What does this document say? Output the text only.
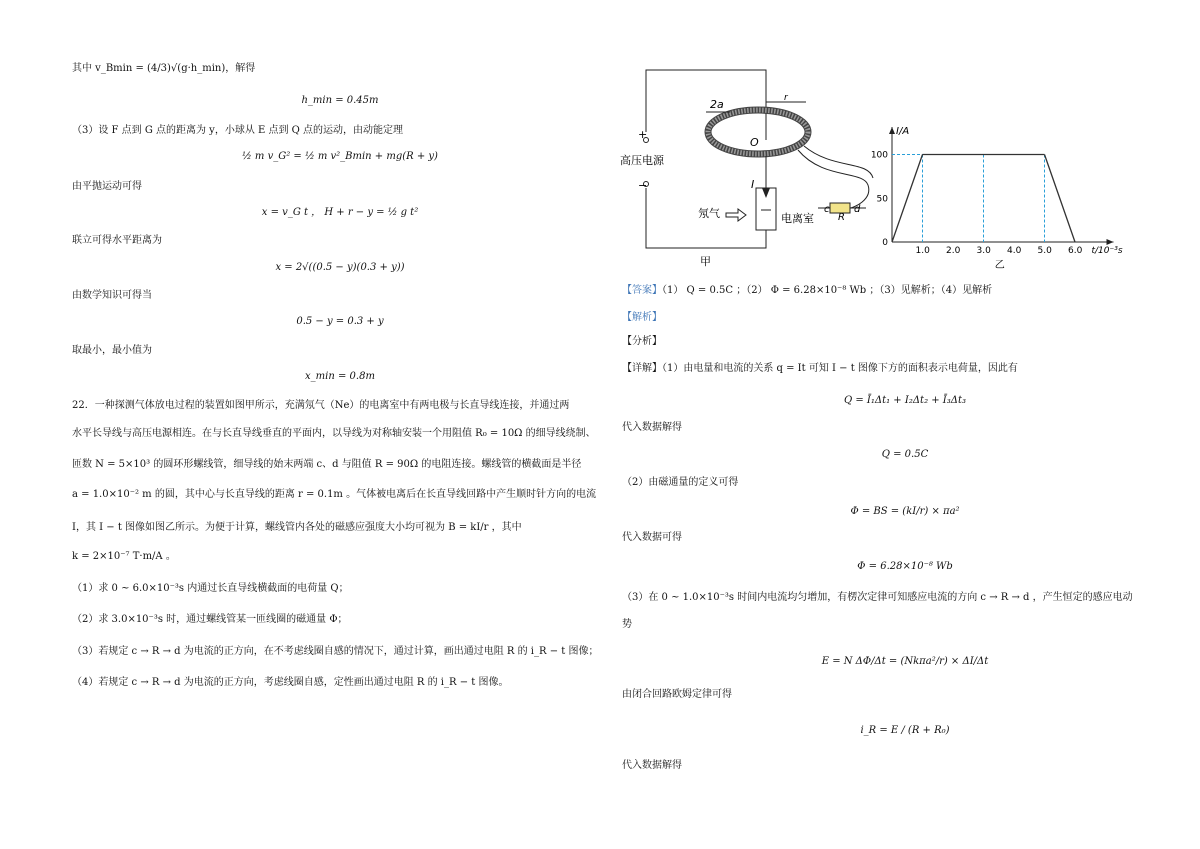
其中 v_Bmin = (4/3)√(g·h_min)，解得
h_min = 0.45m
（3）设 F 点到 G 点的距离为 y，小球从 E 点到 Q 点的运动，由动能定理
½ m v_G² = ½ m v²_Bmin + mg(R + y)
由平抛运动可得
x = v_G t ， H + r − y = ½ g t²
联立可得水平距离为
x = 2√((0.5 − y)(0.3 + y))
由数学知识可得当
0.5 − y = 0.3 + y
取最小，最小值为
x_min = 0.8m
22．一种探测气体放电过程的装置如图甲所示，充满氖气（Ne）的电离室中有两电极与长直导线连接，并通过两
水平长导线与高压电源相连。在与长直导线垂直的平面内，以导线为对称轴安装一个用阻值 R₀ = 10Ω 的细导线绕制、
匝数 N = 5×10³ 的圆环形螺线管，细导线的始末两端 c、d 与阻值 R = 90Ω 的电阻连接。螺线管的横截面是半径
a = 1.0×10⁻² m 的圆，其中心与长直导线的距离 r = 0.1m 。气体被电离后在长直导线回路中产生顺时针方向的电流
I，其 I − t 图像如图乙所示。为便于计算，螺线管内各处的磁感应强度大小均可视为 B = kI/r ，其中
k = 2×10⁻⁷ T·m/A 。
（1）求 0 ~ 6.0×10⁻³s 内通过长直导线横截面的电荷量 Q；
（2）求 3.0×10⁻³s 时，通过螺线管某一匝线圈的磁通量 Φ；
（3）若规定 c → R → d 为电流的正方向，在不考虑线圈自感的情况下，通过计算，画出通过电阻 R 的 i_R − t 图像；
（4）若规定 c → R → d 为电流的正方向，考虑线圈自感，定性画出通过电阻 R 的 i_R − t 图像。
+
高压电源
−
2a	r
O
I
氖气	电离室
c
R
d
甲
1.0 2.0 3.0 4.0 5.0 6.0
0
50
100
I/A
t/10⁻³s
乙
【答案】（1） Q = 0.5C ；（2） Φ = 6.28×10⁻⁸ Wb ；（3）见解析；（4）见解析
【解析】
【分析】
【详解】（1）由电量和电流的关系 q = It 可知 I − t 图像下方的面积表示电荷量，因此有
Q = Ī₁Δt₁ + I₂Δt₂ + Ī₃Δt₃
代入数据解得
Q = 0.5C
（2）由磁通量的定义可得
Φ = BS = (kI/r) × πa²
代入数据可得
Φ = 6.28×10⁻⁸ Wb
（3）在 0 ~ 1.0×10⁻³s 时间内电流均匀增加，有楞次定律可知感应电流的方向 c → R → d ，产生恒定的感应电动
势
E = N ΔΦ/Δt = (Nkπa²/r) × ΔI/Δt
由闭合回路欧姆定律可得
i_R = E / (R + R₀)
代入数据解得
